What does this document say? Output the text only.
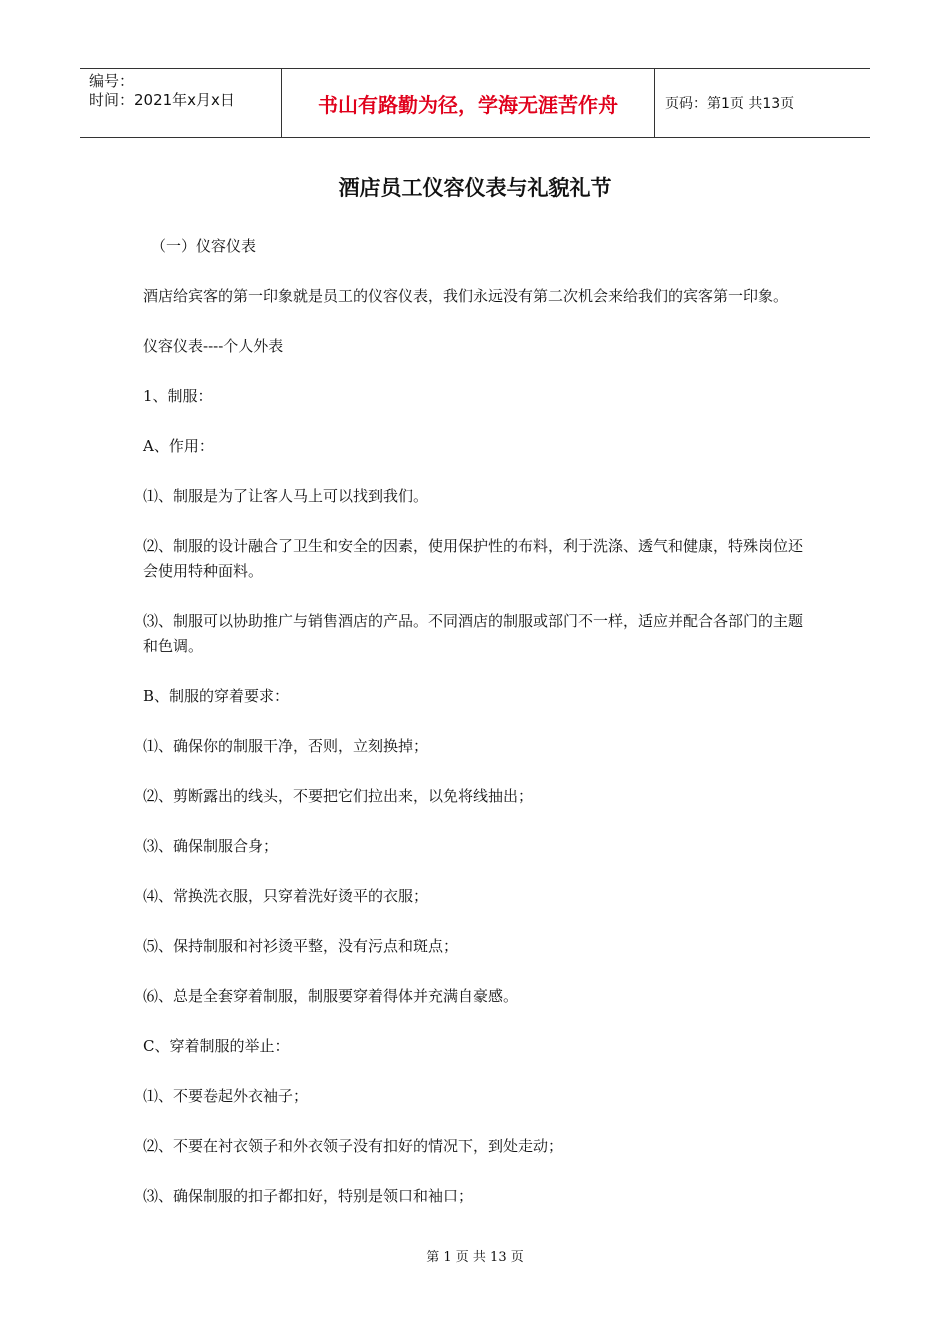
编号：
时间：2021年x月x日	书山有路勤为径，学海无涯苦作舟	页码：第1页 共13页
酒店员工仪容仪表与礼貌礼节

（一）仪容仪表

酒店给宾客的第一印象就是员工的仪容仪表，我们永远没有第二次机会来给我们的宾客第一印象。

仪容仪表----个人外表

1、制服：

A、作用：

⑴、制服是为了让客人马上可以找到我们。

⑵、制服的设计融合了卫生和安全的因素，使用保护性的布料，利于洗涤、透气和健康，特殊岗位还会使用特种面料。

⑶、制服可以协助推广与销售酒店的产品。不同酒店的制服或部门不一样，适应并配合各部门的主题和色调。

B、制服的穿着要求：

⑴、确保你的制服干净，否则，立刻换掉；

⑵、剪断露出的线头，不要把它们拉出来，以免将线抽出；

⑶、确保制服合身；

⑷、常换洗衣服，只穿着洗好烫平的衣服；

⑸、保持制服和衬衫烫平整，没有污点和斑点；

⑹、总是全套穿着制服，制服要穿着得体并充满自豪感。

C、穿着制服的举止：

⑴、不要卷起外衣袖子；

⑵、不要在衬衣领子和外衣领子没有扣好的情况下，到处走动；

⑶、确保制服的扣子都扣好，特别是领口和袖口；

第 1 页 共 13 页
